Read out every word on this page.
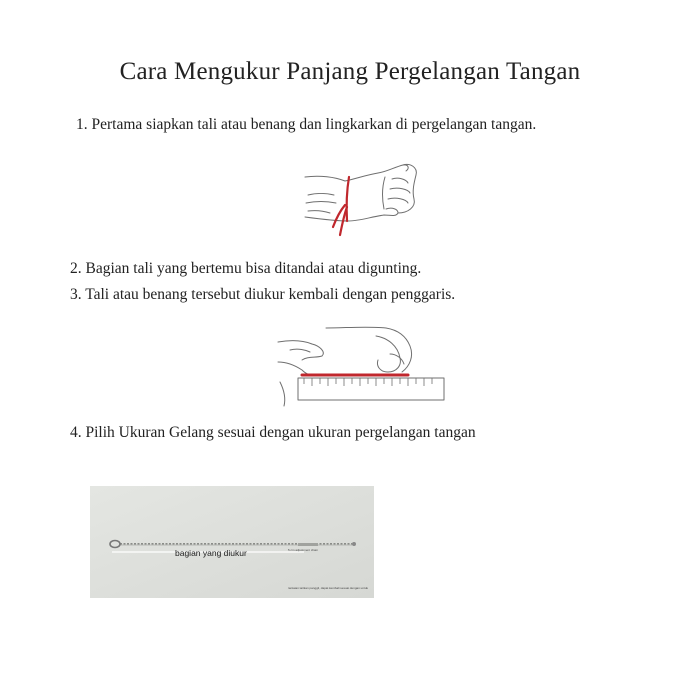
Cara Mengukur Panjang Pergelangan Tangan
1. Pertama siapkan tali atau benang dan lingkarkan di pergelangan tangan.
2. Bagian tali yang bertemu bisa ditandai atau digunting.
3. Tali atau benang tersebut diukur kembali dengan penggaris.
4. Pilih Ukuran Gelang sesuai dengan ukuran pergelangan tangan
bagian yang diukur	5 cm adjustment chain
rantaian tarikan panggil, dapat kembali sesuai dengan untuk
